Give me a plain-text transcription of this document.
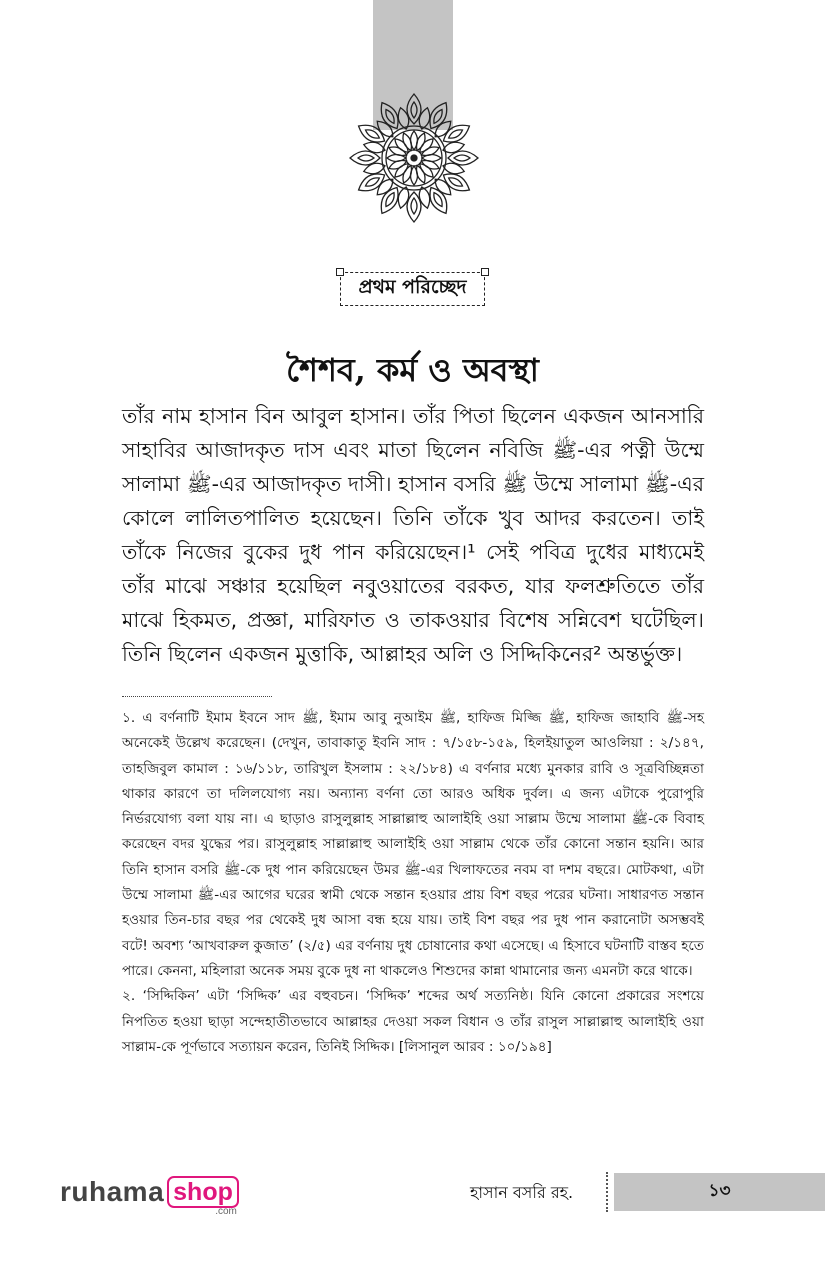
প্রথম পরিচ্ছেদ
শৈশব, কর্ম ও অবস্থা
তাঁর নাম হাসান বিন আবুল হাসান। তাঁর পিতা ছিলেন একজন আনসারি সাহাবির আজাদকৃত দাস এবং মাতা ছিলেন নবিজি ﷺ-এর পত্নী উম্মে সালামা ﷺ-এর আজাদকৃত দাসী। হাসান বসরি ﷺ উম্মে সালামা ﷺ-এর কোলে লালিতপালিত হয়েছেন। তিনি তাঁকে খুব আদর করতেন। তাই তাঁকে নিজের বুকের দুধ পান করিয়েছেন।¹ সেই পবিত্র দুধের মাধ্যমেই তাঁর মাঝে সঞ্চার হয়েছিল নবুওয়াতের বরকত, যার ফলশ্রুতিতে তাঁর মাঝে হিকমত, প্রজ্ঞা, মারিফাত ও তাকওয়ার বিশেষ সন্নিবেশ ঘটেছিল। তিনি ছিলেন একজন মুত্তাকি, আল্লাহর অলি ও সিদ্দিকিনের² অন্তর্ভুক্ত।

১. এ বর্ণনাটি ইমাম ইবনে সাদ ﷺ, ইমাম আবু নুআইম ﷺ, হাফিজ মিজ্জি ﷺ, হাফিজ জাহাবি ﷺ-সহ অনেকেই উল্লেখ করেছেন। (দেখুন, তাবাকাতু ইবনি সাদ : ৭/১৫৮-১৫৯, হিলইয়াতুল আওলিয়া : ২/১৪৭, তাহজিবুল কামাল : ১৬/১১৮, তারিখুল ইসলাম : ২২/১৮৪) এ বর্ণনার মধ্যে মুনকার রাবি ও সূত্রবিচ্ছিন্নতা থাকার কারণে তা দলিলযোগ্য নয়। অন্যান্য বর্ণনা তো আরও অধিক দুর্বল। এ জন্য এটাকে পুরোপুরি নির্ভরযোগ্য বলা যায় না। এ ছাড়াও রাসুলুল্লাহ সাল্লাল্লাহু আলাইহি ওয়া সাল্লাম উম্মে সালামা ﷺ-কে বিবাহ করেছেন বদর যুদ্ধের পর। রাসুলুল্লাহ সাল্লাল্লাহু আলাইহি ওয়া সাল্লাম থেকে তাঁর কোনো সন্তান হয়নি। আর তিনি হাসান বসরি ﷺ-কে দুধ পান করিয়েছেন উমর ﷺ-এর খিলাফতের নবম বা দশম বছরে। মোটকথা, এটা উম্মে সালামা ﷺ-এর আগের ঘরের স্বামী থেকে সন্তান হওয়ার প্রায় বিশ বছর পরের ঘটনা। সাধারণত সন্তান হওয়ার তিন-চার বছর পর থেকেই দুধ আসা বন্ধ হয়ে যায়। তাই বিশ বছর পর দুধ পান করানোটা অসম্ভবই বটে! অবশ্য ‘আখবারুল কুজাত’ (২/৫) এর বর্ণনায় দুধ চোষানোর কথা এসেছে। এ হিসাবে ঘটনাটি বাস্তব হতে পারে। কেননা, মহিলারা অনেক সময় বুকে দুধ না থাকলেও শিশুদের কান্না থামানোর জন্য এমনটা করে থাকে।

২. ‘সিদ্দিকিন’ এটা ‘সিদ্দিক’ এর বহুবচন। ‘সিদ্দিক’ শব্দের অর্থ সত্যনিষ্ঠ। যিনি কোনো প্রকারের সংশয়ে নিপতিত হওয়া ছাড়া সন্দেহাতীতভাবে আল্লাহর দেওয়া সকল বিধান ও তাঁর রাসুল সাল্লাল্লাহু আলাইহি ওয়া সাল্লাম-কে পূর্ণভাবে সত্যায়ন করেন, তিনিই সিদ্দিক। [লিসানুল আরব : ১০/১৯৪]

ruhama shop
.com
হাসান বসরি রহ.	১৩
